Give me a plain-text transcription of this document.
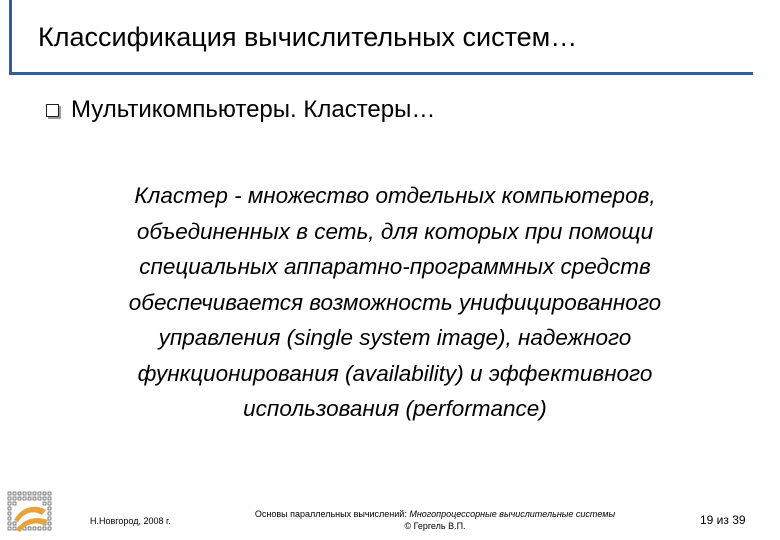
Классификация вычислительных систем…
Мультикомпьютеры. Кластеры…
Кластер - множество отдельных компьютеров,
объединенных в сеть, для которых при помощи
специальных аппаратно-программных средств
обеспечивается возможность унифицированного
управления (single system image), надежного
функционирования (availability) и эффективного
использования (performance)
Н.Новгород, 2008 г.
Основы параллельных вычислений: Многопроцессорные вычислительные системы
© Гергель В.П.	19 из 39
